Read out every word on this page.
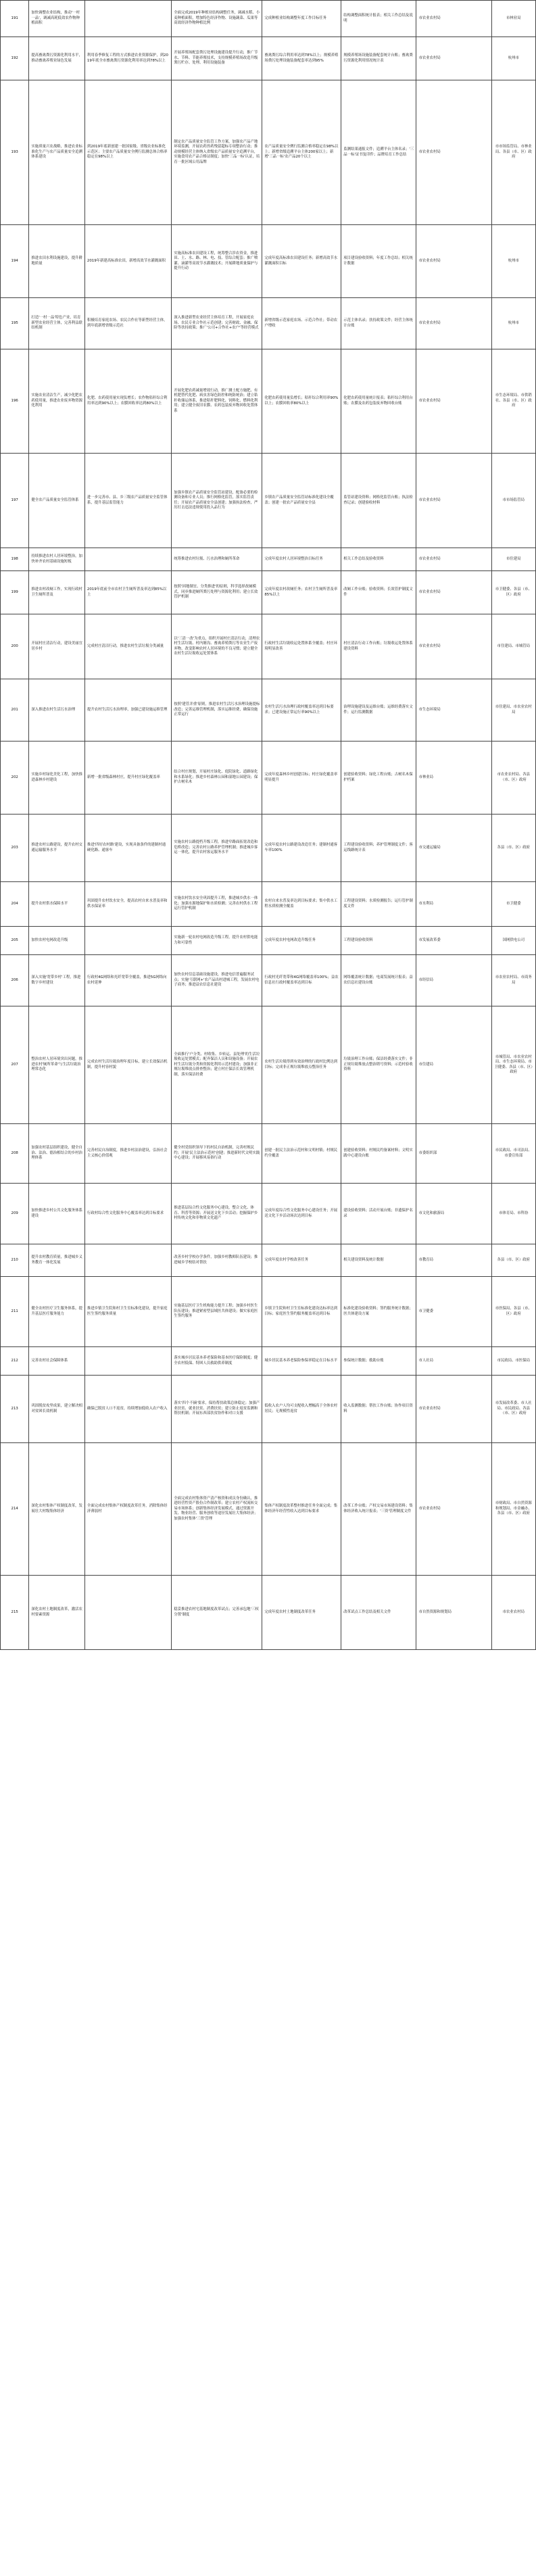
191	加快调整农业结构，推动'一村一品'，调减高耗低效农作物种植面积		全面完成2019年种植业结构调整任务，调减水稻、小麦种植面积，增加特色经济作物、设施蔬菜、瓜果等高效经济作物种植比例	完成种植业结构调整年度工作目标任务	结构调整面积统计报表；相关工作总结及说明	市农业农村局	市林业局
192	提高畜禽粪污资源化利用水平，推动畜禽养殖业绿色发展	利用春季修复工程的方式推进农业资源保护，到2019年底全市畜禽粪污资源化利用率达到78%以上	开展养殖场配套粪污处理设施建设提升行动，推广节水、节料、节能养殖技术，支持规模养殖场改造升级粪污贮存、处理、利用设施装备	畜禽粪污综合利用率达到78%以上；规模养殖场粪污处理设施装备配套率达到95%	规模养殖场设施装备配套统计台账；畜禽粪污资源化利用情况统计表	市农业农村局	杭州市
193	实施质量兴农战略，推进农业标准化生产与农产品质量安全追溯体系建设	到2019年底新创建一批国家级、省级农业标准化示范区；主要农产品质量安全例行监测总体合格率稳定在98%以上	制定农产品质量安全监管工作方案，加强农产品产地环境监测，开展农药兽药残留超标专项整治行动；推动规模经营主体纳入省级农产品质量安全追溯平台，实施食用农产品合格证制度；加快'三品一标'认证，培育一批区域公用品牌	农产品质量安全例行监测合格率稳定在98%以上；新增省级追溯平台主体200家以上；新增'三品一标'农产品20个以上	监测结果通报文件；追溯平台主体名录；'三品一标'证书复印件；品牌培育工作总结	市农业农村局	市市场监管局、市林业局、各县（市、区）政府
194	推进农田水利设施建设，提升耕地质量	2019年新建高标准农田，新增高效节水灌溉面积	实施高标准农田建设工程，统筹整合涉农资金，推进田、土、水、路、林、电、技、管综合配套；推广喷灌、滴灌等高效节水灌溉技术；开展耕地质量保护与提升行动	完成年度高标准农田建设任务；新增高效节水灌溉面积目标	项目建设验收资料；年度工作总结；相关统计数据	市农业农村局	杭州市
195	打造'一村一品'特色产业，培育新型农业经营主体，完善利益联结机制	积极培育家庭农场、农民合作社等新型经营主体，到年底新增省级示范社	深入推进新型农业经营主体培育工程，开展家庭农场、农民专业合作社示范创建；完善财政、金融、保险等扶持政策；推广'公司+合作社+农户'等经营模式	新增省级示范家庭农场、示范合作社；带动农户增收	示范主体名录；扶持政策文件；经营主体统计台账	市农业农村局	杭州市
196	实施农业清洁生产，减少化肥农药使用量，推进农业废弃物资源化利用	化肥、农药使用量实现负增长；农作物秸秆综合利用率达到90%以上；农膜回收率达到80%以上	开展化肥农药减量增效行动，推广测土配方施肥、有机肥替代化肥、病虫害绿色防控和统防统治；建立秸秆收储运体系，推进秸秆肥料化、饲料化、燃料化利用；建立健全废旧农膜、农药包装废弃物回收处置体系	化肥农药使用量负增长；秸秆综合利用率90%以上；农膜回收率80%以上	化肥农药使用量统计报表；秸秆综合利用台账；农膜及农药包装废弃物回收台账	市农业农村局	市生态环境局、市供销社、各县（市、区）政府
197	健全农产品质量安全监管体系	进一步完善市、县、乡三级农产品质量安全监管体系，提升基层监管能力	加强乡镇农产品质量安全监管站建设，配备必要的检测设备和专业人员；推行网格化监管，落实监管责任；开展农产品质量安全县创建；加强执法检查，严厉打击违法违规使用投入品行为	乡镇农产品质量安全监管站标准化建设全覆盖；创建一批农产品质量安全县	监管站建设资料；网格化监管台账；执法检查记录；创建验收材料	市农业农村局	市市场监管局
198	持续推进农村人居环境整治，加快补齐农村基础设施短板		统筹推进农村垃圾、污水治理和厕所革命	完成年度农村人居环境整治目标任务	相关工作总结及验收资料	市农业农村局	市住建局
199	推进农村改厕工作，实现行政村卫生厕所普及	2019年底前全市农村卫生厕所普及率达到85%以上	按照'因地制宜、分类推进'的原则，科学选择改厕模式，同步推进厕所粪污处理与资源化利用；建立长效管护机制	完成年度农村改厕任务；农村卫生厕所普及率85%以上	改厕工作台账；验收资料；长效管护制度文件	市农业农村局	市卫健委、各县（市、区）政府
200	开展村庄清洁行动，建设美丽宜居乡村	完成村庄清洁行动，推进农村生活垃圾分类减量	以'三清一改'为重点，组织开展村庄清洁行动，清理农村生活垃圾、村内塘沟、畜禽养殖粪污等农业生产废弃物，改变影响农村人居环境的不良习惯；建立健全农村生活垃圾收运处置体系	行政村生活垃圾收运处置体系全覆盖；村庄环境明显改善	村庄清洁行动工作台账；垃圾收运处置体系建设资料	市农业农村局	市住建局、市城管局
201	深入推进农村生活污水治理	提升农村生活污水治理率，加强已建设施运维管理	按照'建管并重'原则，推进农村生活污水治理设施提标改造；完善运维管理机制，落实运维经费，确保设施正常运行	农村生活污水治理行政村覆盖率达到目标要求；已建设施正常运行率90%以上	治理设施建设及运维台账；运维经费落实文件；运行监测数据	市生态环境局	市住建局、市农业农村局
202	实施乡村绿化美化工程，加快推进森林乡村建设	新增一批省级森林村庄，提升村庄绿化覆盖率	结合村庄规划，开展村庄绿化、庭院绿化、道路绿化和水系绿化；推进乡村森林公园和湿地公园建设；保护古树名木	完成年度森林乡村创建目标；村庄绿化覆盖率明显提升	创建验收资料；绿化工程台账；古树名木保护档案	市林业局	市农业农村局、各县（市、区）政府
203	推进农村公路建设，提升农村交通运输服务水平	推进'四好农村路'建设，实现具备条件的建制村通硬化路、通客车	实施农村公路提档升级工程，推进窄路面拓宽改造和危桥改造；完善农村公路养护管理机制；推进城乡客运一体化，提升农村客运服务水平	完成年度农村公路建设改造任务；建制村通客车率100%	工程建设验收资料；养护管理制度文件；客运线路统计表	市交通运输局	各县（市、区）政府
204	提升农村供水保障水平	巩固提升农村饮水安全，提高农村自来水普及率和供水保证率	实施农村饮水安全巩固提升工程，推进城乡供水一体化；加强水源地保护和水质检测；完善农村供水工程运行管护机制	农村自来水普及率达到目标要求；集中供水工程水质检测全覆盖	工程建设资料；水质检测报告；运行管护制度文件	市水利局	市卫健委
205	加快农村电网改造升级		实施新一轮农村电网改造升级工程，提升农村供电能力和可靠性	完成年度农村电网改造升级任务	工程建设验收资料	市发展改革委	国网供电公司
206	深入实施'宽带乡村'工程，推进数字乡村建设	行政村4G网络和光纤宽带全覆盖，推进5G网络向农村延伸	加快农村信息基础设施建设，推进电信普遍服务试点；实施'互联网+'农产品出村进城工程，发展农村电子商务；推进益农信息社建设	行政村光纤宽带和4G网络覆盖率100%；益农信息社行政村覆盖率达到目标	网络覆盖统计数据；电商发展统计报表；益农信息社建设台账	市经信局	市农业农村局、市商务局
207	整治农村人居环境突出问题，推进农村'厕所革命'与生活垃圾治理常态化	完成农村生活垃圾治理年度目标，建立长效保洁机制，提升村容村貌	全面推行'户分类、村收集、乡转运、县处理'的生活垃圾收运处置模式；配齐保洁人员和设施设备；开展农村生活垃圾分类和资源化利用示范村建设；加强非正规垃圾堆放点排查整治；建立村庄保洁长效管理机制，落实保洁经费	农村生活垃圾得到有效治理的行政村比例达到目标；完成非正规垃圾堆放点整治任务	垃圾治理工作台账；保洁经费落实文件；非正规垃圾堆放点整治销号资料；示范村验收资料	市住建局	市城管局、市农业农村局、市生态环境局、市卫健委、各县（市、区）政府
208	加强农村基层组织建设，健全自治、法治、德治相结合的乡村治理体系	完善村民自治制度，推进乡村法治建设，弘扬社会主义核心价值观	健全村党组织领导下的村民自治机制，完善村规民约；开展'民主法治示范村'创建；推进新时代文明实践中心建设；开展移风易俗行动	创建一批民主法治示范村和文明村镇；村规民约全覆盖	创建验收资料；村规民约备案材料；文明实践中心建设台账	市委组织部	市民政局、市司法局、市委宣传部
209	加快推进乡村公共文化服务体系建设	行政村综合性文化服务中心覆盖率达到目标要求	推进基层综合性文化服务中心建设，整合文化、体育、科普等资源；开展送文化下乡活动；挖掘保护乡村传统文化和非物质文化遗产	完成年度综合性文化服务中心建设任务；开展送文化下乡活动场次达到目标	建设验收资料；活动开展台账；非遗保护名录	市文化和旅游局	市体育局、市科协
210	提升农村教育质量，推进城乡义务教育一体化发展		改善乡村学校办学条件，加强乡村教师队伍建设；推进城乡学校结对帮扶	完成年度农村学校改善任务	相关建设资料及统计数据	市教育局	各县（市、区）政府
211	健全农村医疗卫生服务体系，提升基层医疗服务能力	推进乡镇卫生院和村卫生室标准化建设，提升家庭医生签约服务质量	实施基层医疗卫生机构能力提升工程；加强乡村医生队伍建设；推进紧密型县域医共体建设；做实家庭医生签约服务	乡镇卫生院和村卫生室标准化建设达标率达到目标；家庭医生签约服务覆盖率达到目标	标准化建设验收资料；签约服务统计数据；医共体建设方案	市卫健委	市医保局、各县（市、区）政府
212	完善农村社会保障体系		落实城乡居民基本养老保险和基本医疗保险制度；健全农村低保、特困人员救助供养制度	城乡居民基本养老保险参保率稳定在目标水平	参保统计数据；救助台账	市人社局	市民政局、市医保局
213	巩固脱贫攻坚成果，建立解决相对贫困长效机制	确保已脱贫人口不返贫，持续增加低收入农户收入	落实'四个不摘'要求，保持帮扶政策总体稳定；加强产业扶贫、就业扶贫、消费扶贫；建立防止返贫监测和帮扶机制；开展东西部扶贫协作和对口支援	低收入农户人均可支配收入增幅高于全体农村居民；无规模性返贫	收入监测数据；帮扶工作台账；协作项目资料	市农业农村局	市发展改革委、市人社局、市民政局、各县（市、区）政府
214	深化农村集体产权制度改革，发展壮大村级集体经济	全面完成农村集体产权制度改革任务，消除集体经济薄弱村	全面完成农村集体资产清产核资和成员身份确认，推进经营性资产股份合作制改革；建立农村产权流转交易市场体系；创新集体经济发展模式，通过资源开发、物业经营、服务创收等途径发展壮大集体经济；加强农村集体'三资'管理	集体产权制度改革整村推进任务全面完成；集体经济年经营性收入达到目标要求	改革工作台账；产权交易市场建设资料；集体经济收入统计报表；'三资'管理制度文件	市农业农村局	市财政局、市自然资源和规划局、市金融办、各县（市、区）政府
215	深化农村土地制度改革，激活农村要素资源		稳妥推进农村宅基地制度改革试点；完善承包地'三权分置'制度	完成年度农村土地制度改革任务	改革试点工作总结及相关文件	市自然资源和规划局	市农业农村局
